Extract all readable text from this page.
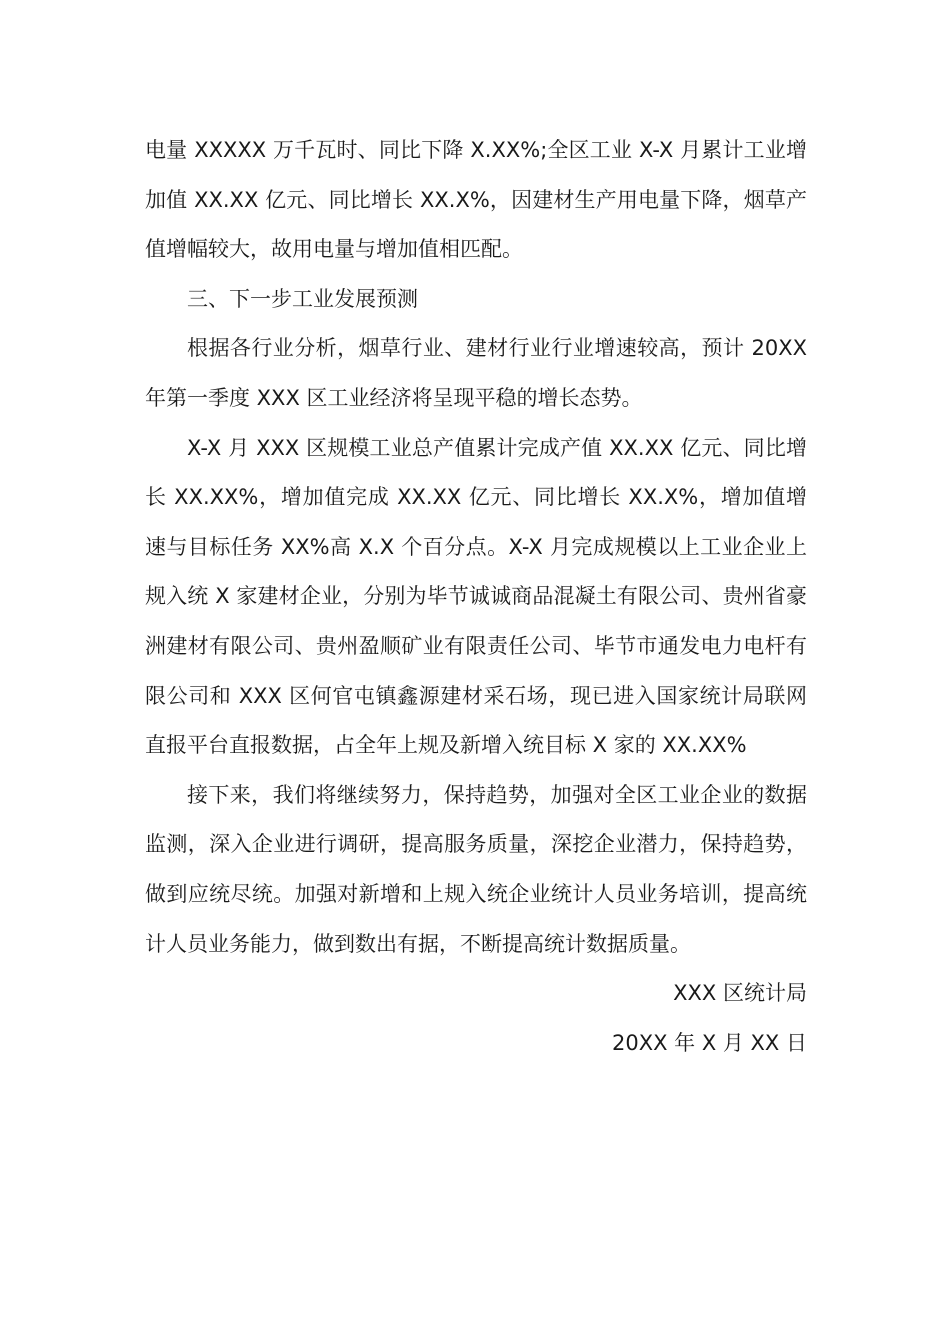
电量 XXXXX 万千瓦时、同比下降 X.XX%;全区工业 X-X 月累计工业增加值 XX.XX 亿元、同比增长 XX.X%，因建材生产用电量下降，烟草产值增幅较大，故用电量与增加值相匹配。

三、下一步工业发展预测

根据各行业分析，烟草行业、建材行业行业增速较高，预计 20XX 年第一季度 XXX 区工业经济将呈现平稳的增长态势。

X-X 月 XXX 区规模工业总产值累计完成产值 XX.XX 亿元、同比增长 XX.XX%，增加值完成 XX.XX 亿元、同比增长 XX.X%，增加值增速与目标任务 XX%高 X.X 个百分点。X-X 月完成规模以上工业企业上规入统 X 家建材企业，分别为毕节诚诚商品混凝土有限公司、贵州省豪洲建材有限公司、贵州盈顺矿业有限责任公司、毕节市通发电力电杆有限公司和 XXX 区何官屯镇鑫源建材采石场，现已进入国家统计局联网直报平台直报数据，占全年上规及新增入统目标 X 家的 XX.XX%

接下来，我们将继续努力，保持趋势，加强对全区工业企业的数据监测，深入企业进行调研，提高服务质量，深挖企业潜力，保持趋势，做到应统尽统。加强对新增和上规入统企业统计人员业务培训，提高统计人员业务能力，做到数出有据，不断提高统计数据质量。

XXX 区统计局

20XX 年 X 月 XX 日
